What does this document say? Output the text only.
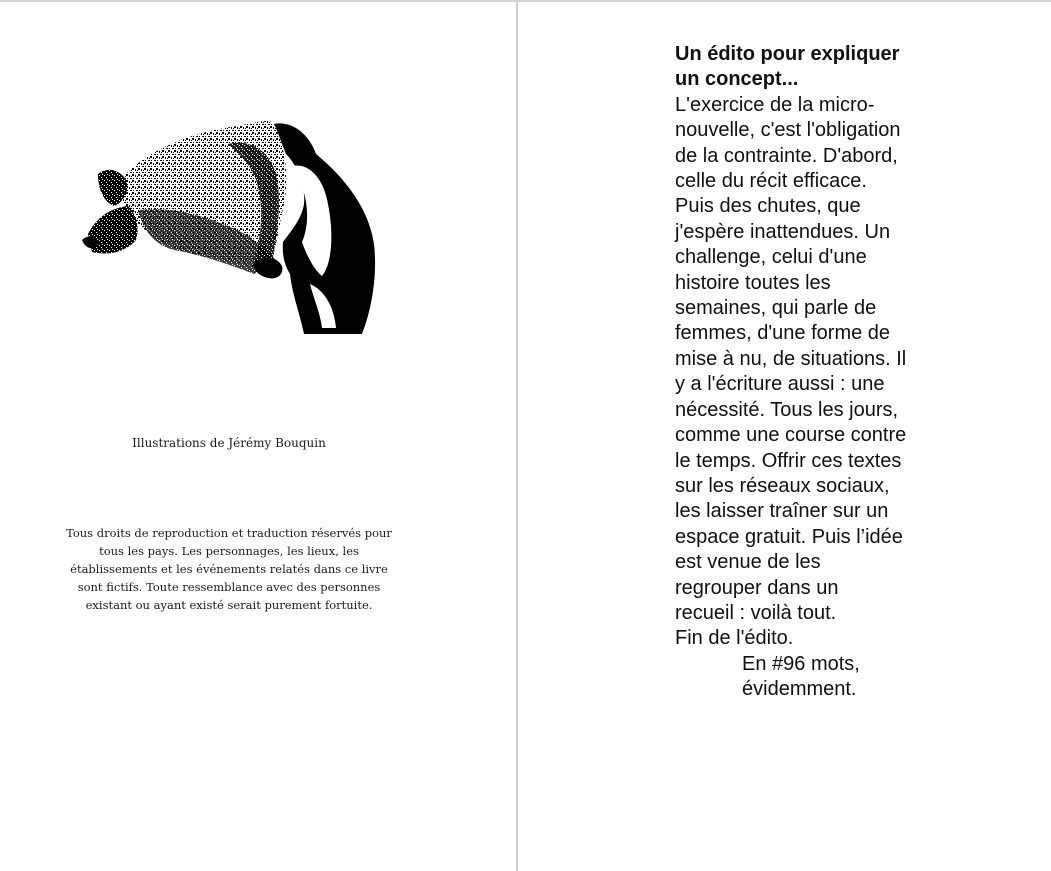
Illustrations de Jérémy Bouquin
Tous droits de reproduction et traduction réservés pour
tous les pays. Les personnages, les lieux, les
établissements et les événements relatés dans ce livre
sont fictifs. Toute ressemblance avec des personnes
existant ou ayant existé serait purement fortuite.
Un édito pour expliquer
un concept...
L'exercice de la micro-
nouvelle, c'est l'obligation
de la contrainte. D'abord,
celle du récit efficace.
Puis des chutes, que
j'espère inattendues. Un
challenge, celui d'une
histoire toutes les
semaines, qui parle de
femmes, d'une forme de
mise à nu, de situations. Il
y a l'écriture aussi : une
nécessité. Tous les jours,
comme une course contre
le temps. Offrir ces textes
sur les réseaux sociaux,
les laisser traîner sur un
espace gratuit. Puis l’idée
est venue de les
regrouper dans un
recueil : voilà tout.
Fin de l'édito.
En #96 mots,
évidemment.
